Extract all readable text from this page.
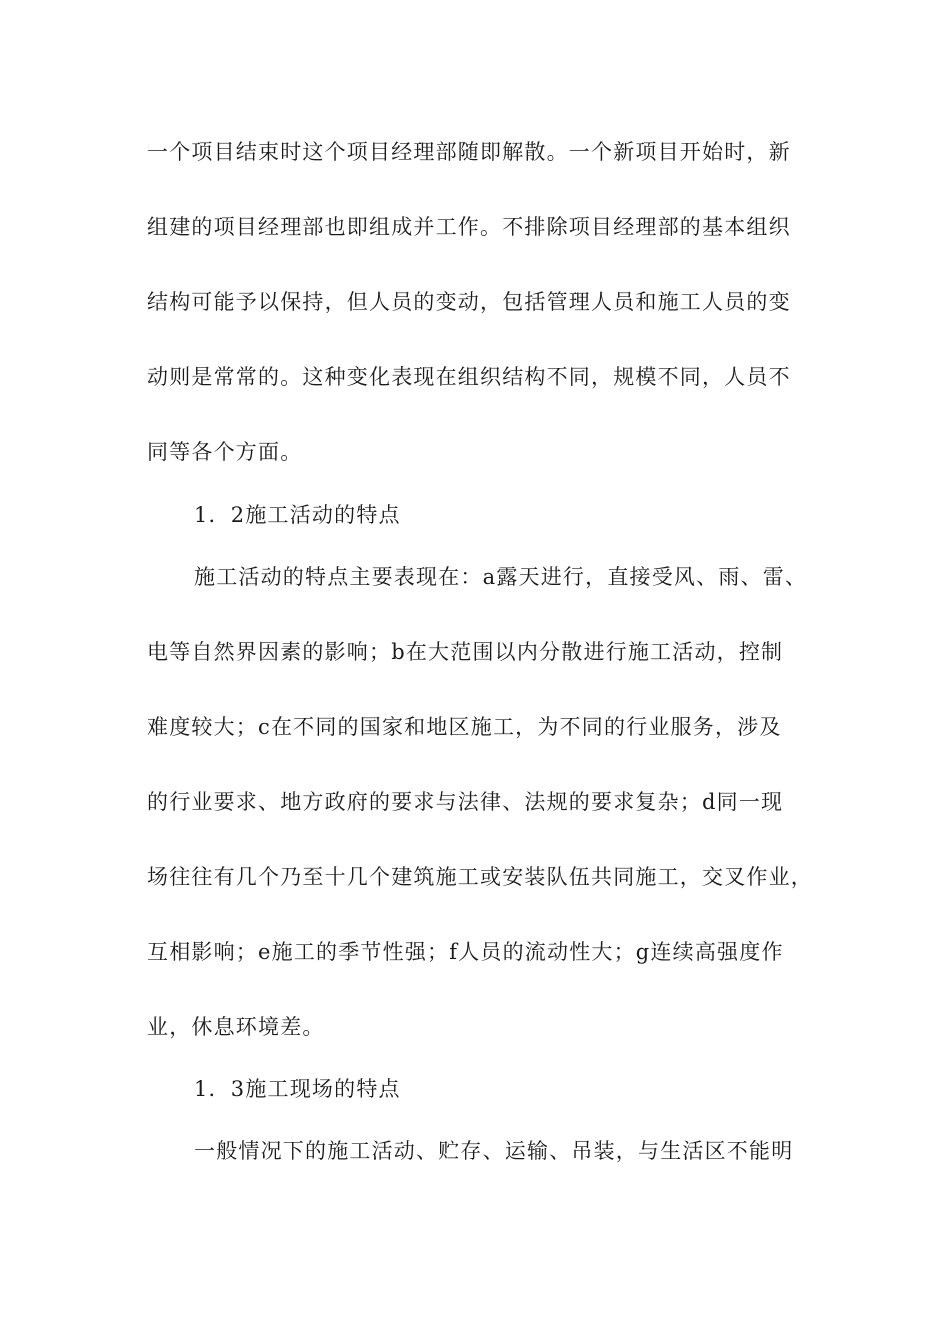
一个项目结束时这个项目经理部随即解散。一个新项目开始时，新
组建的项目经理部也即组成并工作。不排除项目经理部的基本组织
结构可能予以保持，但人员的变动，包括管理人员和施工人员的变
动则是常常的。这种变化表现在组织结构不同，规模不同，人员不
同等各个方面。
1．2施工活动的特点
施工活动的特点主要表现在：a露天进行，直接受风、雨、雷、
电等自然界因素的影响；b在大范围以内分散进行施工活动，控制
难度较大；c在不同的国家和地区施工，为不同的行业服务，涉及
的行业要求、地方政府的要求与法律、法规的要求复杂；d同一现
场往往有几个乃至十几个建筑施工或安装队伍共同施工，交叉作业，
互相影响；e施工的季节性强；f人员的流动性大；g连续高强度作
业，休息环境差。
1．3施工现场的特点
一般情况下的施工活动、贮存、运输、吊装，与生活区不能明
